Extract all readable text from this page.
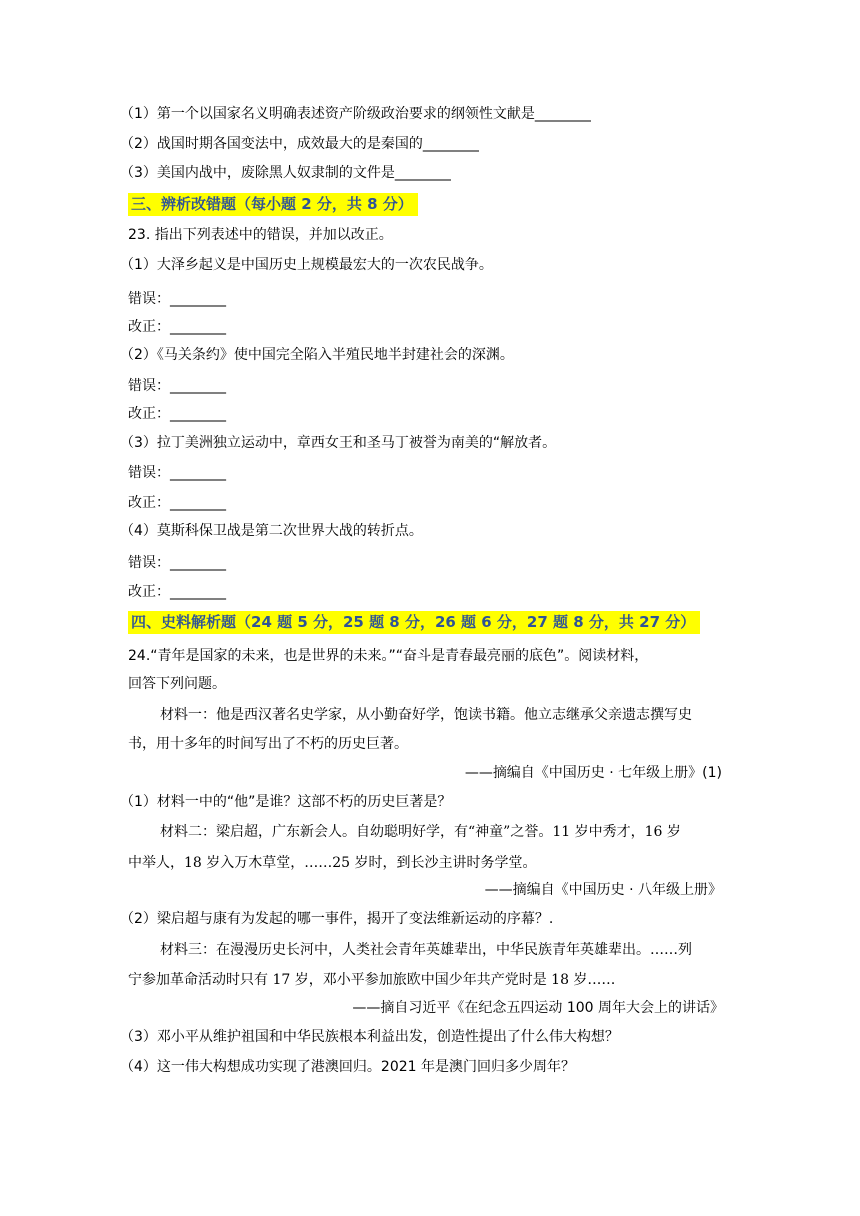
（1）第一个以国家名义明确表述资产阶级政治要求的纲领性文献是________
（2）战国时期各国变法中，成效最大的是秦国的________
（3）美国内战中，废除黑人奴隶制的文件是________
三、辨析改错题（每小题 2 分，共 8 分）
23. 指出下列表述中的错误，并加以改正。
（1）大泽乡起义是中国历史上规模最宏大的一次农民战争。
错误：________
改正：________
（2）《马关条约》使中国完全陷入半殖民地半封建社会的深渊。
错误：________
改正：________
（3）拉丁美洲独立运动中，章西女王和圣马丁被誉为南美的“解放者。
错误：________
改正：________
（4）莫斯科保卫战是第二次世界大战的转折点。
错误：________
改正：________
四、史料解析题（24 题 5 分，25 题 8 分，26 题 6 分，27 题 8 分，共 27 分）
24.“青年是国家的未来，也是世界的未来。”“奋斗是青春最亮丽的底色”。阅读材料，
回答下列问题。
材料一：他是西汉著名史学家，从小勤奋好学，饱读书籍。他立志继承父亲遗志撰写史
书，用十多年的时间写出了不朽的历史巨著。
——摘编自《中国历史 · 七年级上册》(1)
（1）材料一中的“他”是谁？这部不朽的历史巨著是？
材料二：梁启超，广东新会人。自幼聪明好学，有“神童”之誉。11 岁中秀才，16 岁
中举人，18 岁入万木草堂，……25 岁时，到长沙主讲时务学堂。
——摘编自《中国历史 · 八年级上册》
（2）梁启超与康有为发起的哪一事件，揭开了变法维新运动的序幕？.
材料三：在漫漫历史长河中，人类社会青年英雄辈出，中华民族青年英雄辈出。……列
宁参加革命活动时只有 17 岁，邓小平参加旅欧中国少年共产党时是 18 岁……
——摘自习近平《在纪念五四运动 100 周年大会上的讲话》
（3）邓小平从维护祖国和中华民族根本利益出发，创造性提出了什么伟大构想？
（4）这一伟大构想成功实现了港澳回归。2021 年是澳门回归多少周年？
